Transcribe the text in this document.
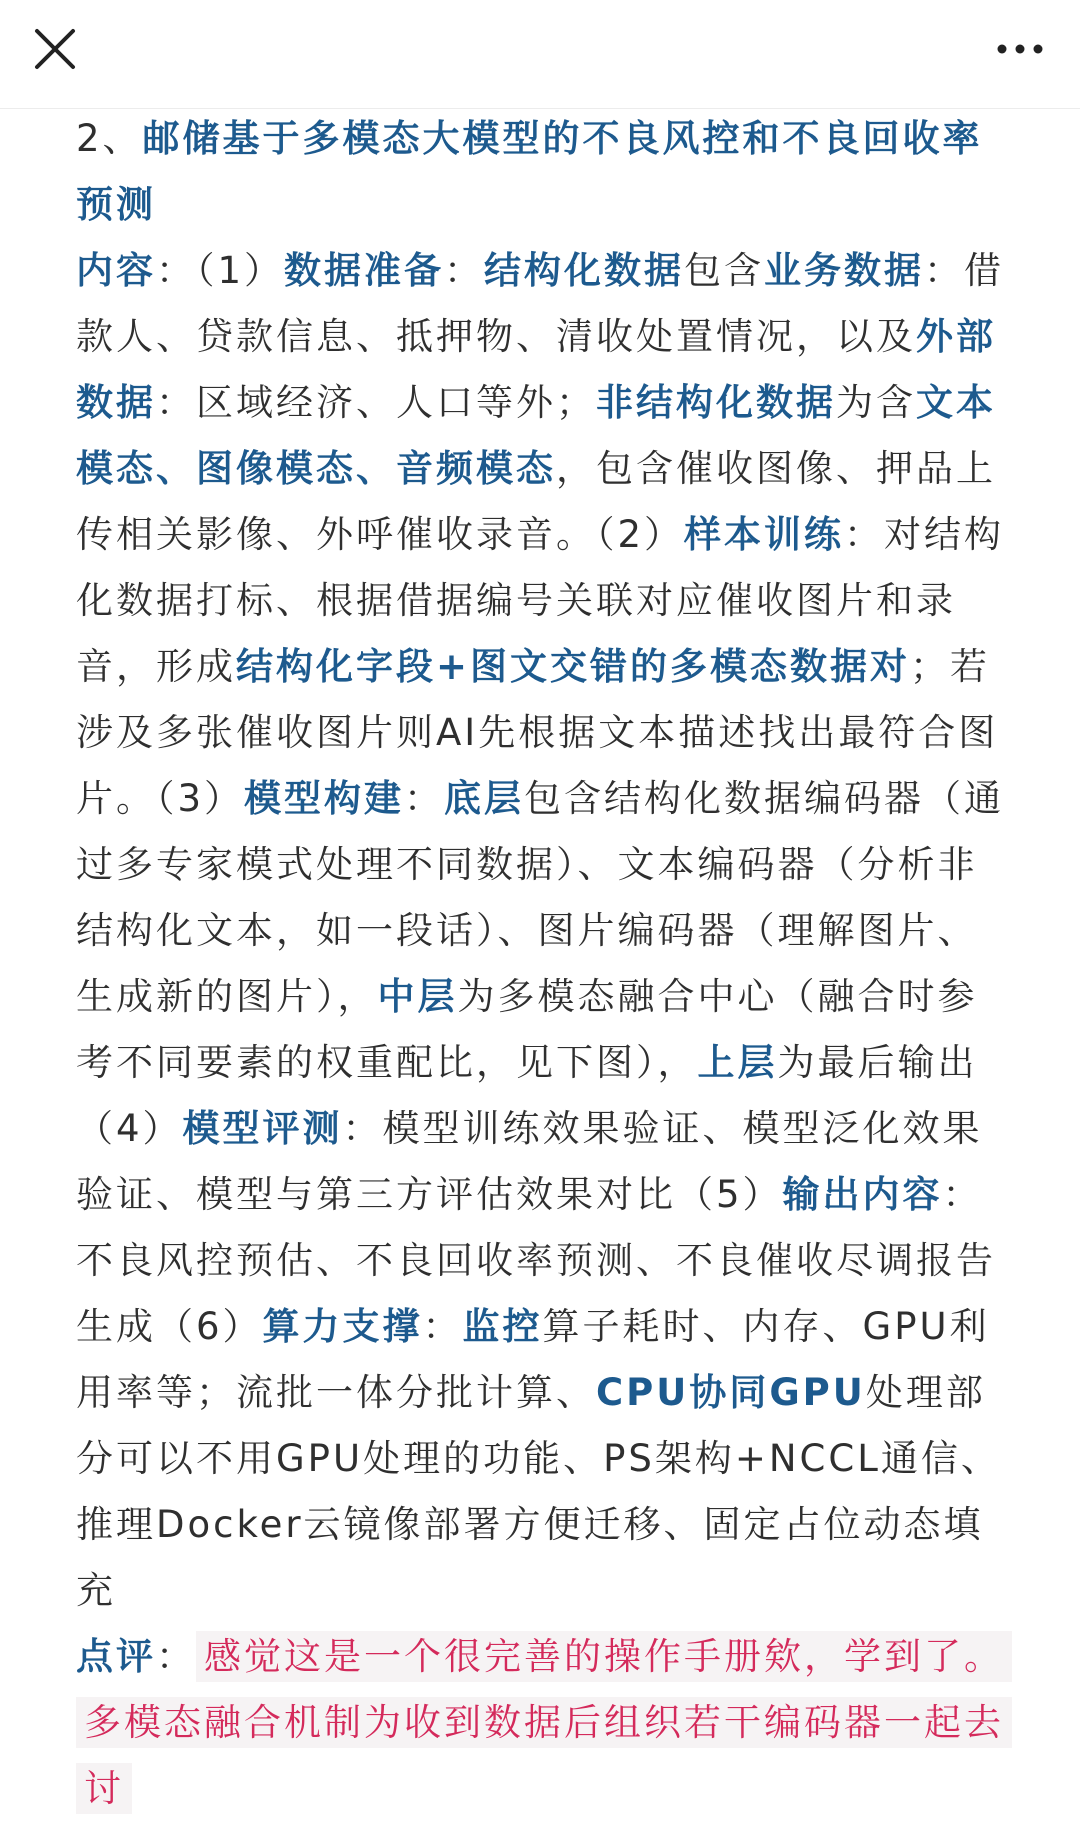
2、邮储基于多模态大模型的不良风控和不良回收率预测

内容：（1）数据准备：结构化数据包含业务数据：借款人、贷款信息、抵押物、清收处置情况，以及外部数据：区域经济、人口等外；非结构化数据为含文本模态、图像模态、音频模态，包含催收图像、押品上传相关影像、外呼催收录音。（2）样本训练：对结构化数据打标、根据借据编号关联对应催收图片和录音，形成结构化字段+图文交错的多模态数据对；若涉及多张催收图片则AI先根据文本描述找出最符合图片。（3）模型构建：底层包含结构化数据编码器（通过多专家模式处理不同数据）、文本编码器（分析非结构化文本，如一段话）、图片编码器（理解图片、生成新的图片），中层为多模态融合中心（融合时参考不同要素的权重配比，见下图），上层为最后输出（4）模型评测：模型训练效果验证、模型泛化效果验证、模型与第三方评估效果对比（5）输出内容：不良风控预估、不良回收率预测、不良催收尽调报告生成（6）算力支撑：监控算子耗时、内存、GPU利用率等；流批一体分批计算、CPU协同GPU处理部分可以不用GPU处理的功能、PS架构+NCCL通信、推理Docker云镜像部署方便迁移、固定占位动态填充

点评： 感觉这是一个很完善的操作手册欸，学到了。多模态融合机制为收到数据后组织若干编码器一起去讨
